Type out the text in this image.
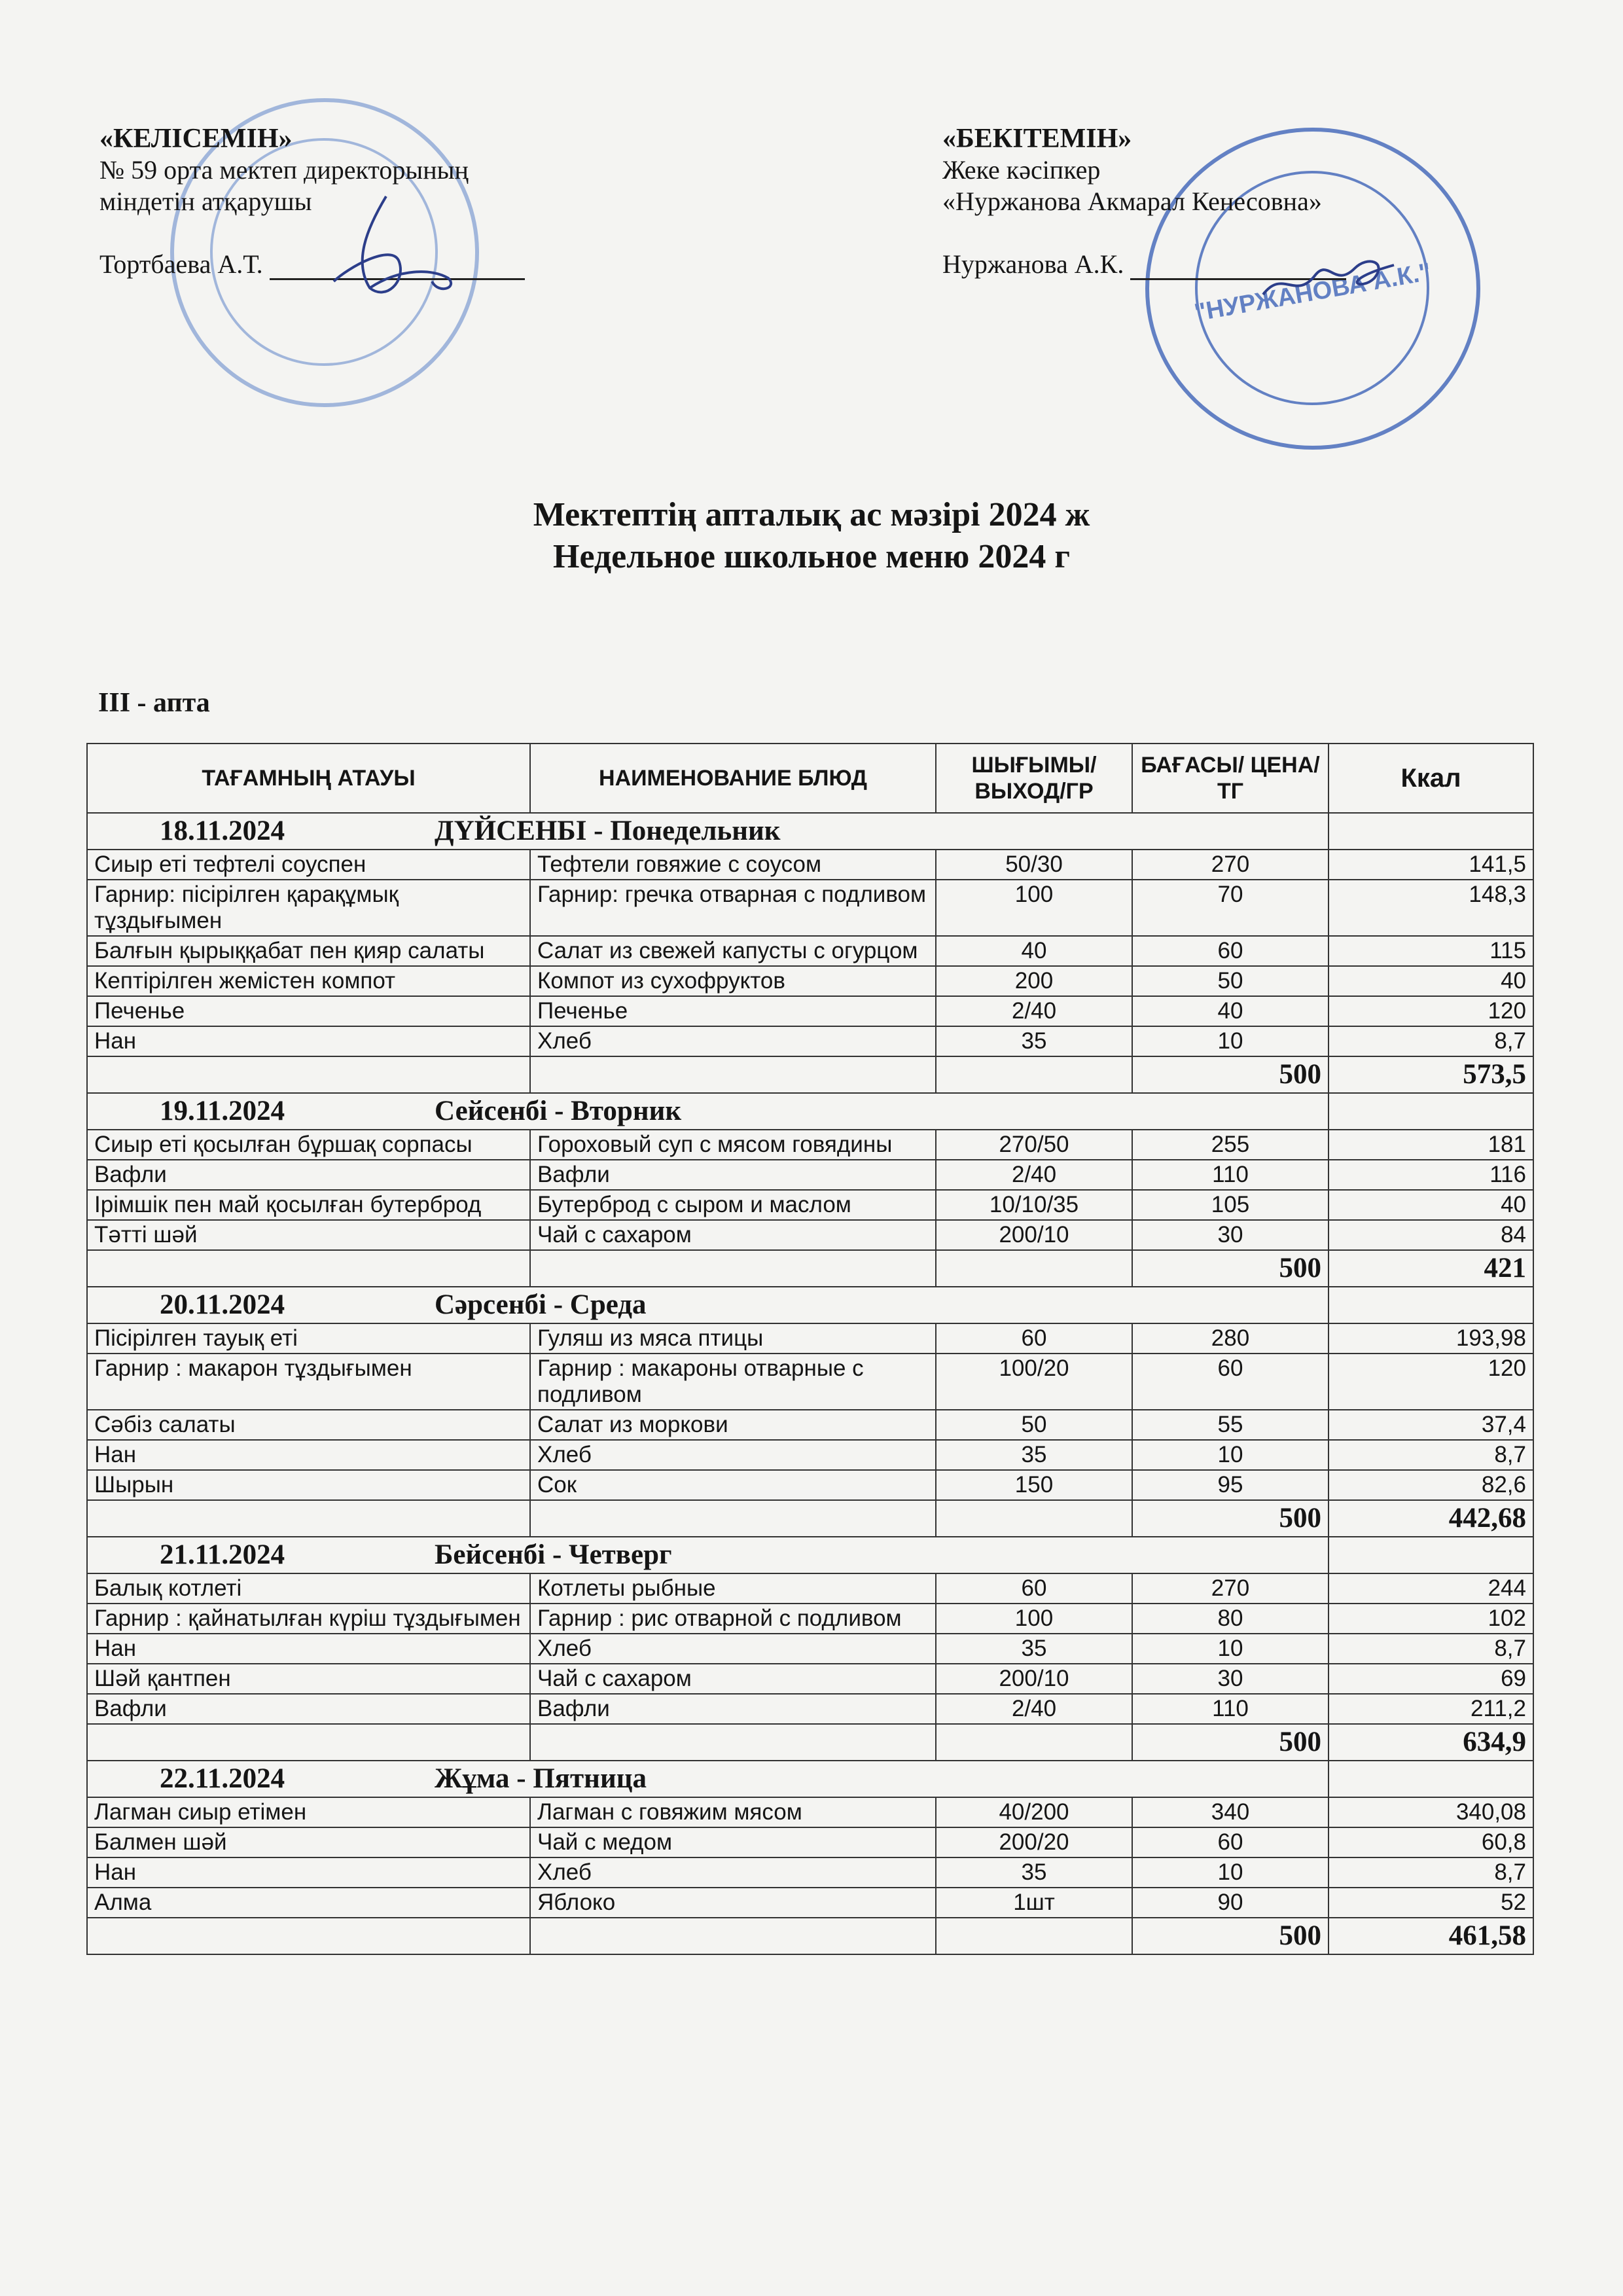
"НУРЖАНОВА А.К."
«КЕЛІСЕМІН»
№ 59 орта мектеп директорының
міндетін атқарушы
Тортбаева А.Т.
«БЕКІТЕМІН»
Жеке кәсіпкер
«Нуржанова Акмарал Кенесовна»
Нуржанова А.К.
Мектептің апталық ас мәзірі 2024 ж
Недельное школьное меню 2024 г
III - апта
ТАҒАМНЫҢ АТАУЫ	НАИМЕНОВАНИЕ БЛЮД	ШЫҒЫМЫ/ ВЫХОД/ГР	БАҒАСЫ/ ЦЕНА/ТГ	Ккал
18.11.2024 ДҮЙСЕНБІ - Понедельник				
Сиыр еті тефтелі соуспен	Тефтели говяжие с соусом	50/30	270	141,5
Гарнир: пісірілген қарақұмық тұздығымен	Гарнир: гречка отварная с подливом	100	70	148,3
Балғын қырыққабат пен қияр салаты	Салат из свежей капусты с огурцом	40	60	115
Кептірілген жемістен компот	Компот из сухофруктов	200	50	40
Печенье	Печенье	2/40	40	120
Нан	Хлеб	35	10	8,7
			500	573,5
19.11.2024 Сейсенбі - Вторник				
Сиыр еті қосылған бұршақ сорпасы	Гороховый суп с мясом говядины	270/50	255	181
Вафли	Вафли	2/40	110	116
Ірімшік пен май қосылған бутерброд	Бутерброд с сыром и маслом	10/10/35	105	40
Тәтті шәй	Чай с сахаром	200/10	30	84
			500	421
20.11.2024 Сәрсенбі - Среда				
Пісірілген тауық еті	Гуляш из мяса птицы	60	280	193,98
Гарнир : макарон тұздығымен	Гарнир : макароны отварные с подливом	100/20	60	120
Сәбіз салаты	Салат из моркови	50	55	37,4
Нан	Хлеб	35	10	8,7
Шырын	Сок	150	95	82,6
			500	442,68
21.11.2024 Бейсенбі - Четверг				
Балық котлеті	Котлеты рыбные	60	270	244
Гарнир : қайнатылған күріш тұздығымен	Гарнир : рис отварной с подливом	100	80	102
Нан	Хлеб	35	10	8,7
Шәй қантпен	Чай с сахаром	200/10	30	69
Вафли	Вафли	2/40	110	211,2
			500	634,9
22.11.2024 Жұма - Пятница				
Лагман сиыр етімен	Лагман с говяжим мясом	40/200	340	340,08
Балмен шәй	Чай с медом	200/20	60	60,8
Нан	Хлеб	35	10	8,7
Алма	Яблоко	1шт	90	52
			500	461,58
